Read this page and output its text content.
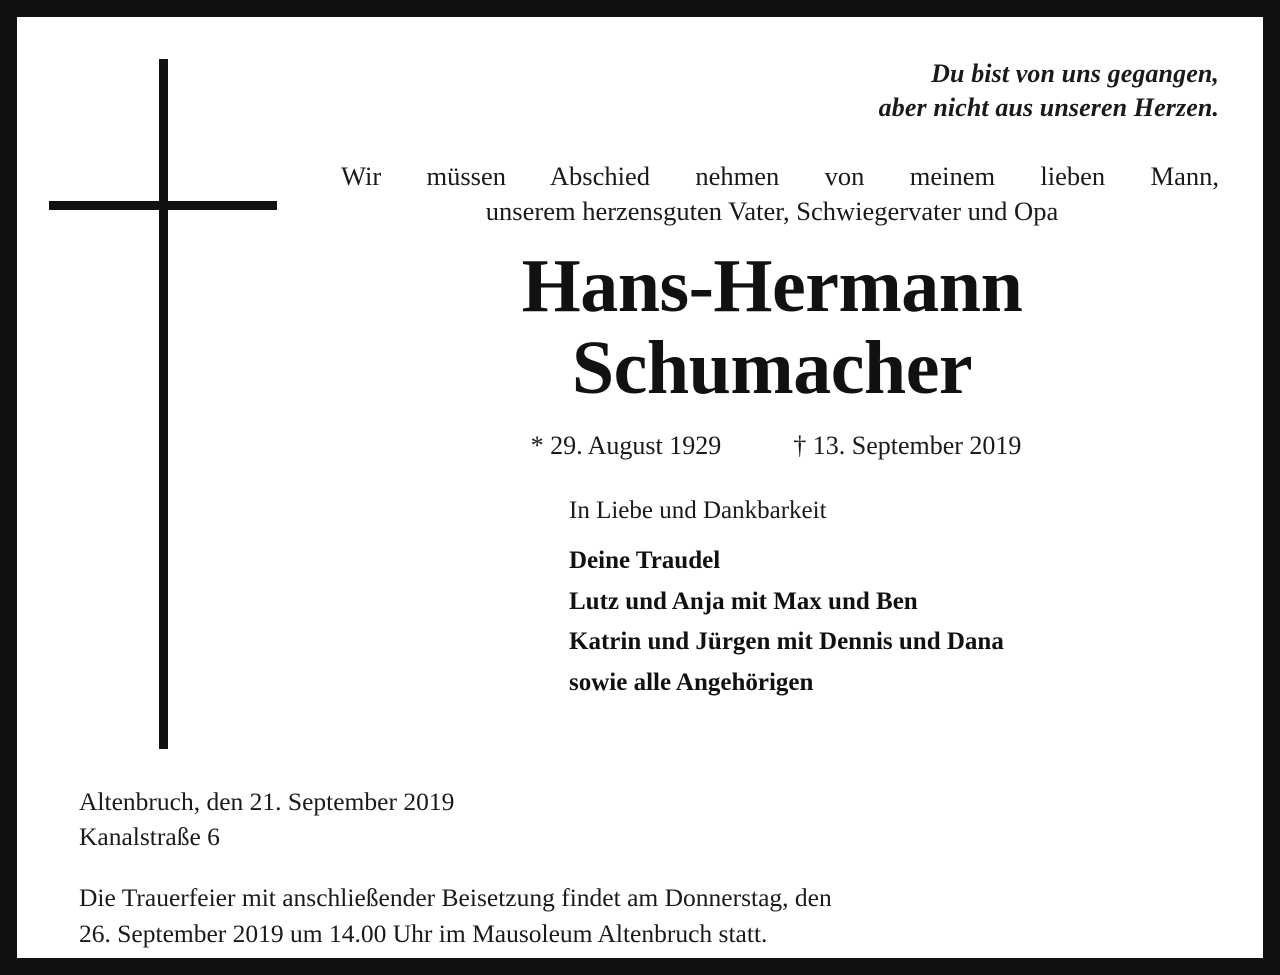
Du bist von uns gegangen,
aber nicht aus unseren Herzen.
Wir müssen Abschied nehmen von meinem lieben Mann,
unserem herzensguten Vater, Schwiegervater und Opa
Hans-Hermann
Schumacher
* 29. August 1929	† 13. September 2019
In Liebe und Dankbarkeit
Deine Traudel
Lutz und Anja mit Max und Ben
Katrin und Jürgen mit Dennis und Dana
sowie alle Angehörigen

Altenbruch, den 21. September 2019

Kanalstraße 6

Die Trauerfeier mit anschließender Beisetzung findet am Donnerstag, den
26. September 2019 um 14.00 Uhr im Mausoleum Altenbruch statt.
